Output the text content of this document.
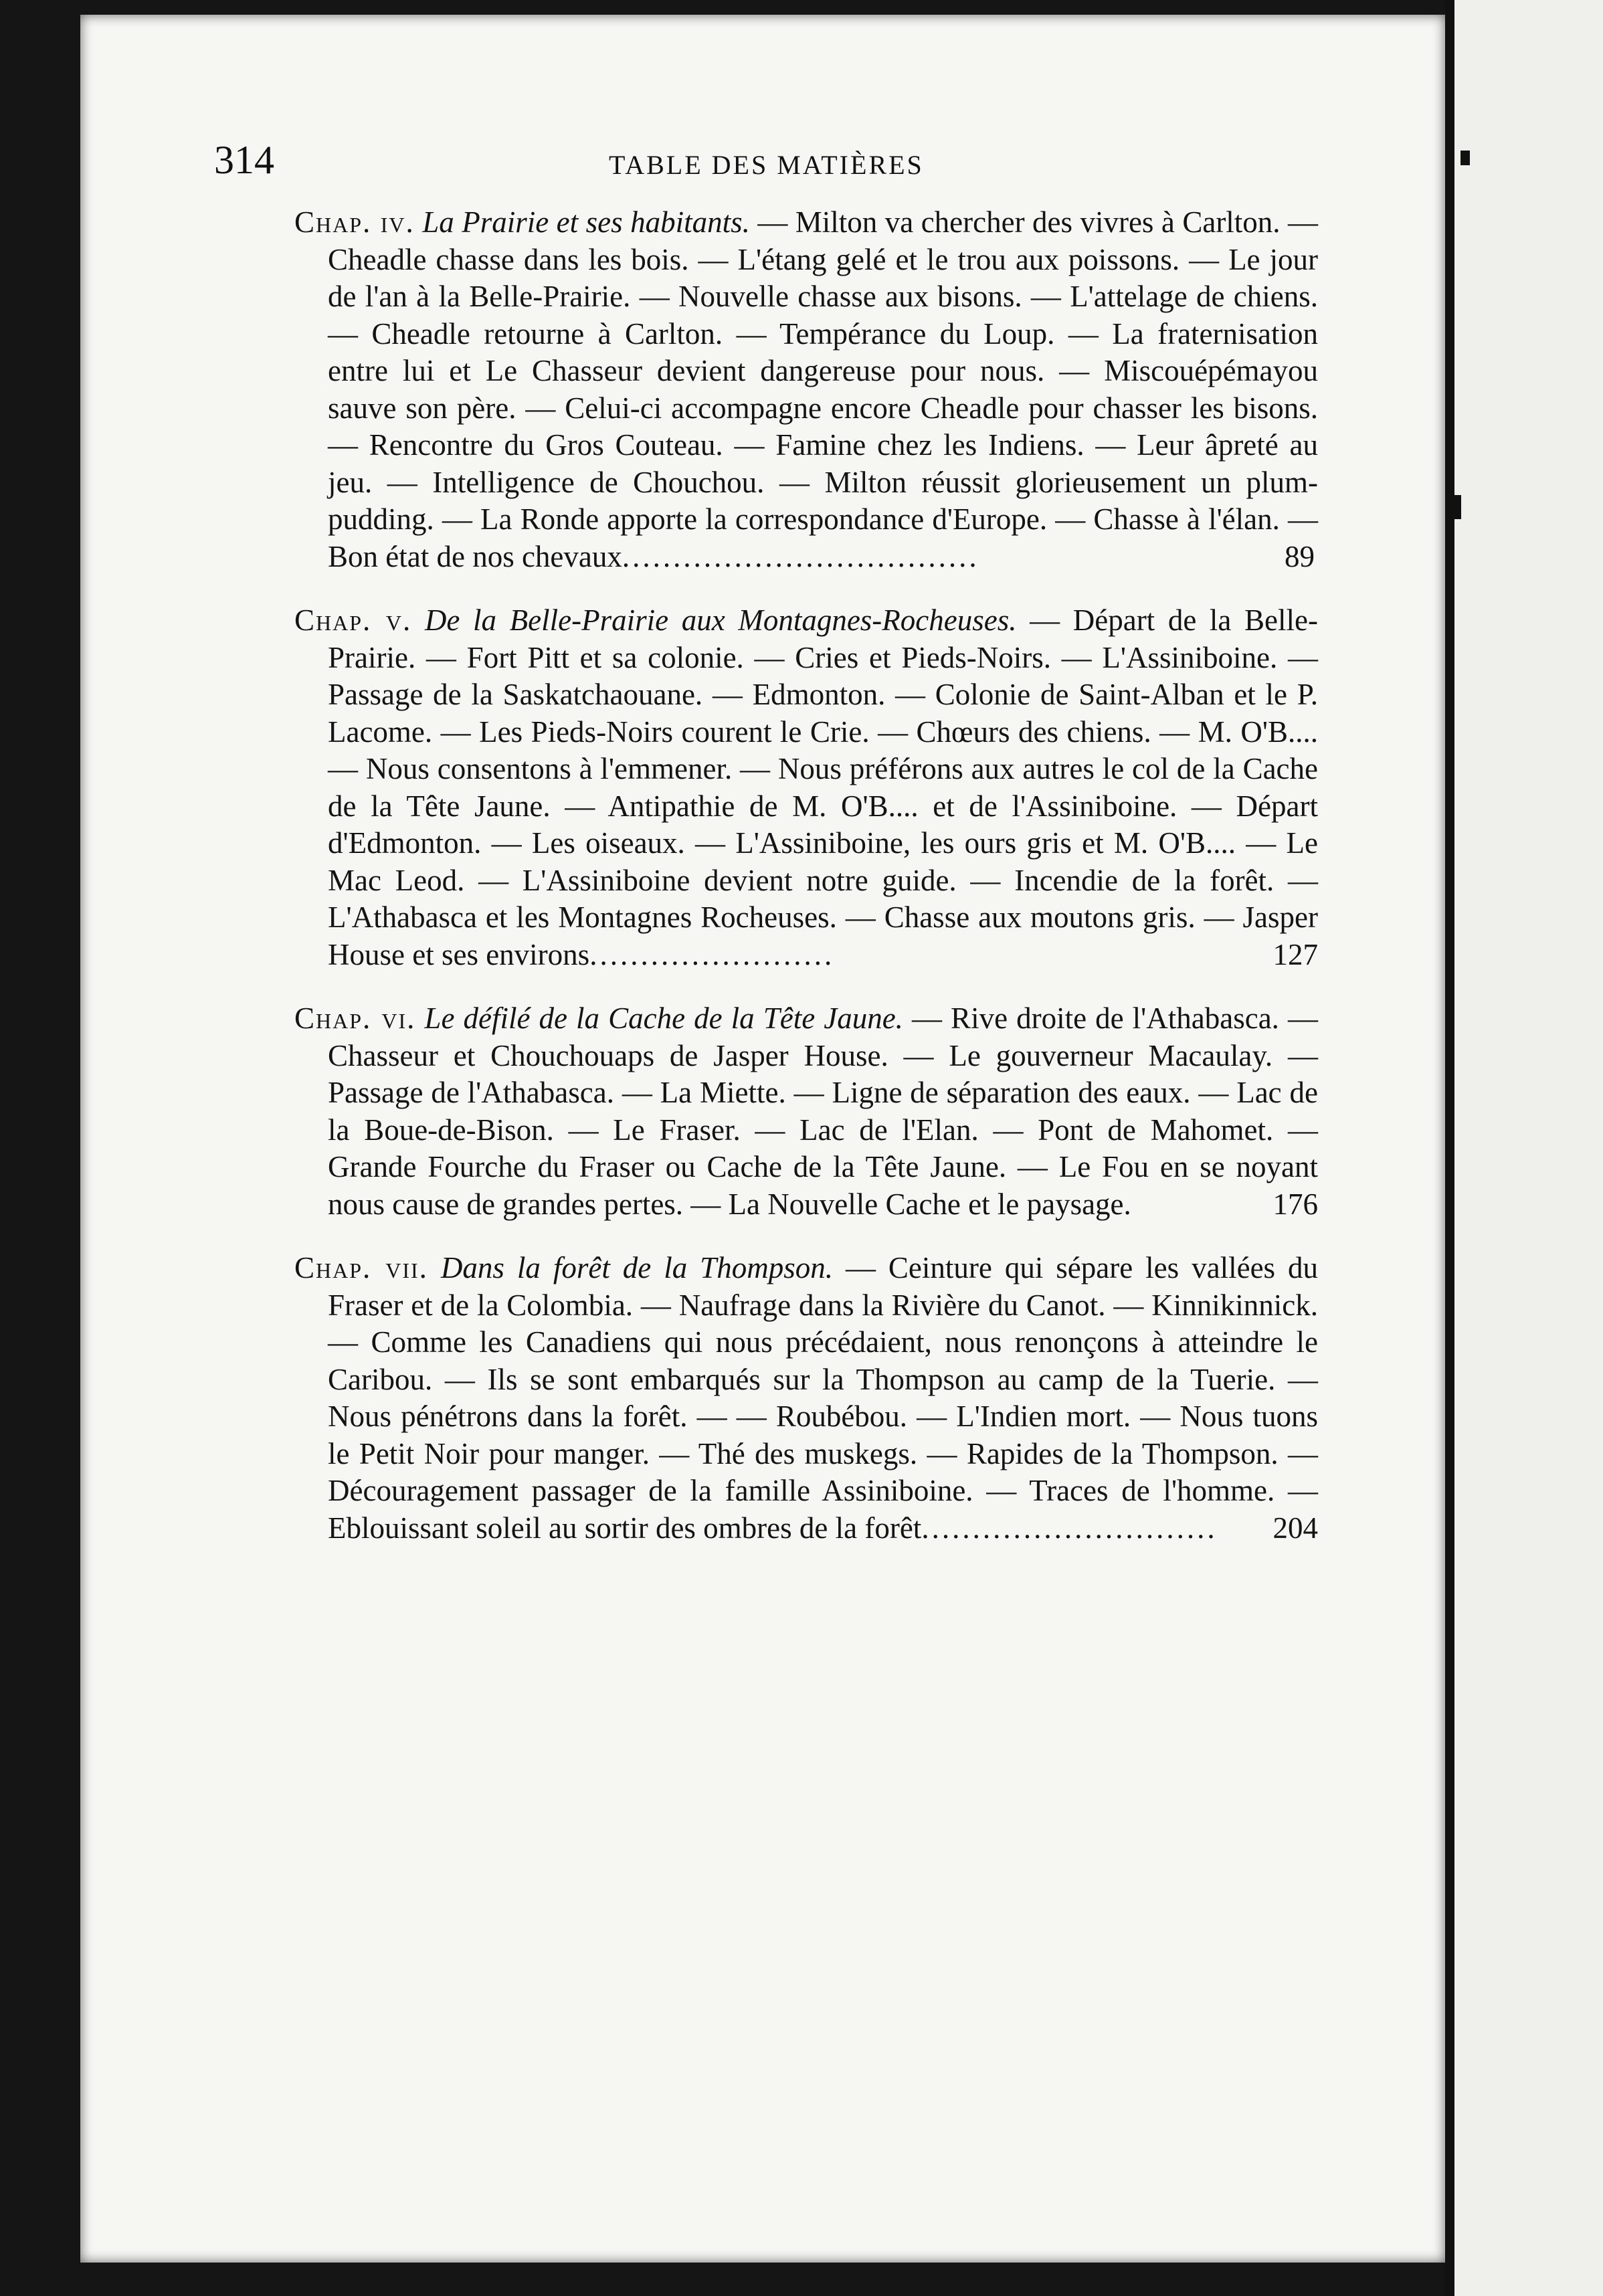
314	TABLE DES MATIÈRES

Chap. iv. La Prairie et ses habitants. — Milton va chercher des vivres à Carlton. — Cheadle chasse dans les bois. — L'étang gelé et le trou aux poissons. — Le jour de l'an à la Belle-Prairie. — Nouvelle chasse aux bisons. — L'attelage de chiens. — Cheadle retourne à Carlton. — Tempérance du Loup. — La fraternisation entre lui et Le Chasseur devient dangereuse pour nous. — Miscouépémayou sauve son père. — Celui-ci accompagne encore Cheadle pour chasser les bisons. — Rencontre du Gros Couteau. — Famine chez les Indiens. — Leur âpreté au jeu. — Intelligence de Chouchou. — Milton réussit glorieusement un plum-pudding. — La Ronde apporte la correspondance d'Europe. — Chasse à l'élan. — Bon état de nos chevaux...................................	89

Chap. v. De la Belle-Prairie aux Montagnes-Rocheuses. — Départ de la Belle-Prairie. — Fort Pitt et sa colonie. — Cries et Pieds-Noirs. — L'Assiniboine. — Passage de la Saskatchaouane. — Edmonton. — Colonie de Saint-Alban et le P. Lacome. — Les Pieds-Noirs courent le Crie. — Chœurs des chiens. — M. O'B.... — Nous consentons à l'emmener. — Nous préférons aux autres le col de la Cache de la Tête Jaune. — Antipathie de M. O'B.... et de l'Assiniboine. — Départ d'Edmonton. — Les oiseaux. — L'Assiniboine, les ours gris et M. O'B.... — Le Mac Leod. — L'Assiniboine devient notre guide. — Incendie de la forêt. — L'Athabasca et les Montagnes Rocheuses. — Chasse aux moutons gris. — Jasper House et ses environs........................	127

Chap. vi. Le défilé de la Cache de la Tête Jaune. — Rive droite de l'Athabasca. — Chasseur et Chouchouaps de Jasper House. — Le gouverneur Macaulay. — Passage de l'Athabasca. — La Miette. — Ligne de séparation des eaux. — Lac de la Boue-de-Bison. — Le Fraser. — Lac de l'Elan. — Pont de Mahomet. — Grande Fourche du Fraser ou Cache de la Tête Jaune. — Le Fou en se noyant nous cause de grandes pertes. — La Nouvelle Cache et le paysage.	176

Chap. vii. Dans la forêt de la Thompson. — Ceinture qui sépare les vallées du Fraser et de la Colombia. — Naufrage dans la Rivière du Canot. — Kinnikinnick. — Comme les Canadiens qui nous précédaient, nous renonçons à atteindre le Caribou. — Ils se sont embarqués sur la Thompson au camp de la Tuerie. — Nous pénétrons dans la forêt. — — Roubébou. — L'Indien mort. — Nous tuons le Petit Noir pour manger. — Thé des muskegs. — Rapides de la Thompson. — Découragement passager de la famille Assiniboine. — Traces de l'homme. — Eblouissant soleil au sortir des ombres de la forêt............................. 204
